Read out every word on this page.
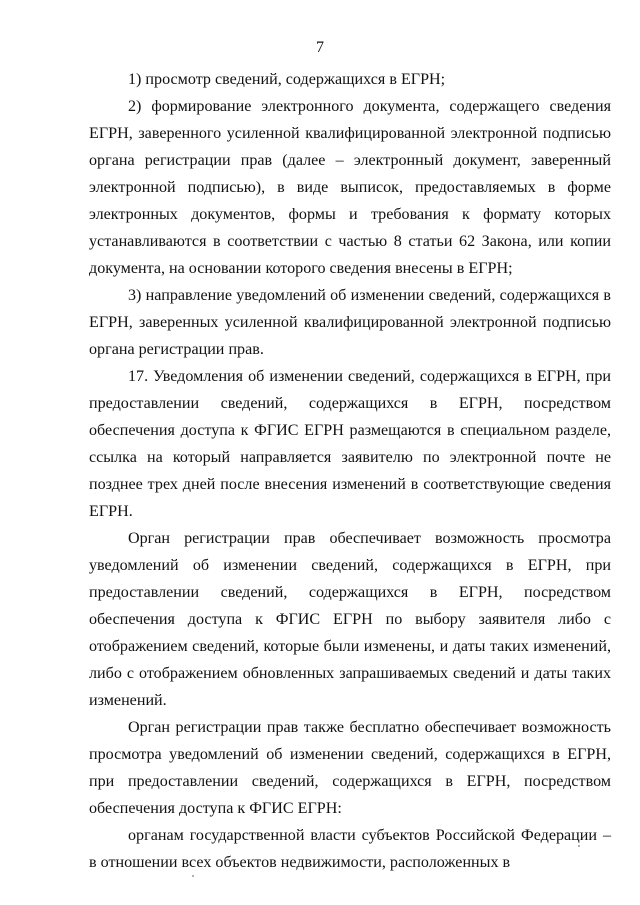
7

1) просмотр сведений, содержащихся в ЕГРН;

2) формирование электронного документа, содержащего сведения ЕГРН, заверенного усиленной квалифицированной электронной подписью органа регистрации прав (далее – электронный документ, заверенный электронной подписью), в виде выписок, предоставляемых в форме электронных документов, формы и требования к формату которых устанавливаются в соответствии с частью 8 статьи 62 Закона, или копии документа, на основании которого сведения внесены в ЕГРН;

3) направление уведомлений об изменении сведений, содержащихся в ЕГРН, заверенных усиленной квалифицированной электронной подписью органа регистрации прав.

17. Уведомления об изменении сведений, содержащихся в ЕГРН, при предоставлении сведений, содержащихся в ЕГРН, посредством обеспечения доступа к ФГИС ЕГРН размещаются в специальном разделе, ссылка на который направляется заявителю по электронной почте не позднее трех дней после внесения изменений в соответствующие сведения ЕГРН.

Орган регистрации прав обеспечивает возможность просмотра уведомлений об изменении сведений, содержащихся в ЕГРН, при предоставлении сведений, содержащихся в ЕГРН, посредством обеспечения доступа к ФГИС ЕГРН по выбору заявителя либо с отображением сведений, которые были изменены, и даты таких изменений, либо с отображением обновленных запрашиваемых сведений и даты таких изменений.

Орган регистрации прав также бесплатно обеспечивает возможность просмотра уведомлений об изменении сведений, содержащихся в ЕГРН, при предоставлении сведений, содержащихся в ЕГРН, посредством обеспечения доступа к ФГИС ЕГРН:

органам государственной власти субъектов Российской Федерации – в отношении всех объектов недвижимости, расположенных в
